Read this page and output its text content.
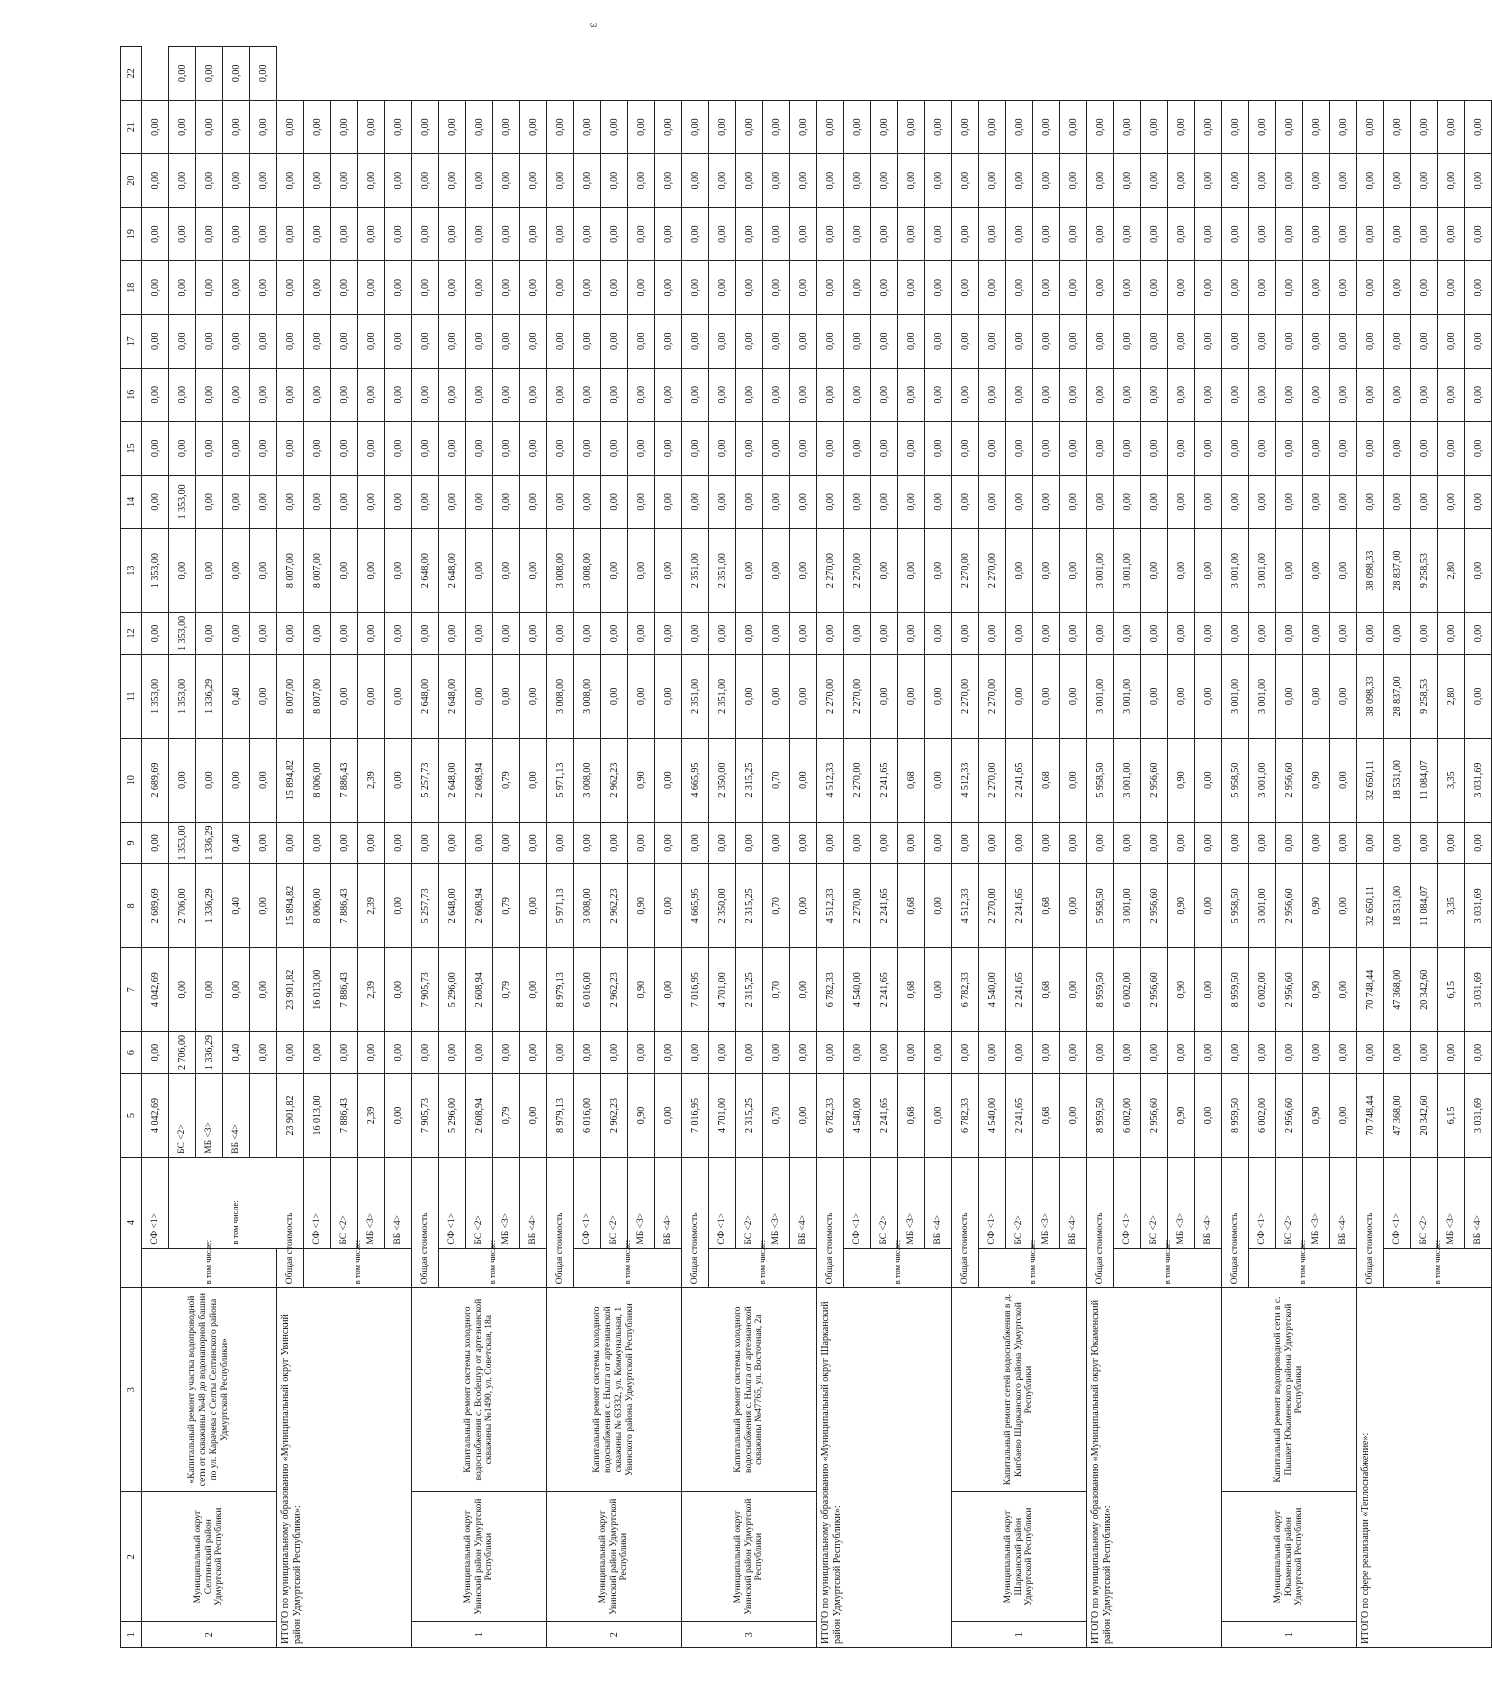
3
1	2	3	4		5	6	7	8	9	10	11	12	13	14	15	16	17	18	19	20	21	22
2	Муниципальный округ Селтинский район Удмуртской Республики	«Капитальный ремонт участка водопроводной сети от скважины №48 до водонапорной башни по ул. Карачева с Селты Селтинского района Удмуртской Республики»	в том числе:	СФ <1>	4 042,69	0,00	4 042,69	2 689,69	0,00	2 689,69	1 353,00	0,00	1 353,00	0,00	0,00	0,00	0,00	0,00	0,00	0,00	0,00	
				в том числе:	БС <2>	2 706,00	0,00	2 706,00	1 353,00	0,00	1 353,00	1 353,00	0,00	1 353,00	0,00	0,00	0,00	0,00	0,00	0,00	0,00	0,00
					МБ <3>	1 336,29	0,00	1 336,29	1 336,29	0,00	1 336,29	0,00	0,00	0,00	0,00	0,00	0,00	0,00	0,00	0,00	0,00	0,00
					ВБ <4>	0,40	0,00	0,40	0,40	0,00	0,40	0,00	0,00	0,00	0,00	0,00	0,00	0,00	0,00	0,00	0,00	0,00
						0,00	0,00	0,00	0,00	0,00	0,00	0,00	0,00	0,00	0,00	0,00	0,00	0,00	0,00	0,00	0,00	0,00
ИТОГО по муниципальному образованию «Муниципальный округ Увинский район Удмуртской Республики»:			Общая стоимость		23 901,82	0,00	23 901,82	15 894,82	0,00	15 894,82	8 007,00	0,00	8 007,00	0,00	0,00	0,00	0,00	0,00	0,00	0,00	0,00	
			в том числе:	СФ <1>	16 013,00	0,00	16 013,00	8 006,00	0,00	8 006,00	8 007,00	0,00	8 007,00	0,00	0,00	0,00	0,00	0,00	0,00	0,00	0,00	
				БС <2>	7 886,43	0,00	7 886,43	7 886,43	0,00	7 886,43	0,00	0,00	0,00	0,00	0,00	0,00	0,00	0,00	0,00	0,00	0,00	
				МБ <3>	2,39	0,00	2,39	2,39	0,00	2,39	0,00	0,00	0,00	0,00	0,00	0,00	0,00	0,00	0,00	0,00	0,00	
				ВБ <4>	0,00	0,00	0,00	0,00	0,00	0,00	0,00	0,00	0,00	0,00	0,00	0,00	0,00	0,00	0,00	0,00	0,00	
1	Муниципальный округ Увинский район Удмуртской Республики	Капитальный ремонт системы холодного водоснабжения с. Вcodeшур от артезианской скважины №1490, ул. Советская, 18а	Общая стоимость		7 905,73	0,00	7 905,73	5 257,73	0,00	5 257,73	2 648,00	0,00	2 648,00	0,00	0,00	0,00	0,00	0,00	0,00	0,00	0,00	
			в том числе:	СФ <1>	5 296,00	0,00	5 296,00	2 648,00	0,00	2 648,00	2 648,00	0,00	2 648,00	0,00	0,00	0,00	0,00	0,00	0,00	0,00	0,00	
				БС <2>	2 608,94	0,00	2 608,94	2 608,94	0,00	2 608,94	0,00	0,00	0,00	0,00	0,00	0,00	0,00	0,00	0,00	0,00	0,00	
				МБ <3>	0,79	0,00	0,79	0,79	0,00	0,79	0,00	0,00	0,00	0,00	0,00	0,00	0,00	0,00	0,00	0,00	0,00	
				ВБ <4>	0,00	0,00	0,00	0,00	0,00	0,00	0,00	0,00	0,00	0,00	0,00	0,00	0,00	0,00	0,00	0,00	0,00	
2	Муниципальный округ Увинский район Удмуртской Республики	Капитальный ремонт системы холодного водоснабжения с. Нылга от артезианской скважины № 63332, ул. Коммунальная, 1 Увинского района Удмуртской Республики	Общая стоимость		8 979,13	0,00	8 979,13	5 971,13	0,00	5 971,13	3 008,00	0,00	3 008,00	0,00	0,00	0,00	0,00	0,00	0,00	0,00	0,00	
			в том числе:	СФ <1>	6 016,00	0,00	6 016,00	3 008,00	0,00	3 008,00	3 008,00	0,00	3 008,00	0,00	0,00	0,00	0,00	0,00	0,00	0,00	0,00	
				БС <2>	2 962,23	0,00	2 962,23	2 962,23	0,00	2 962,23	0,00	0,00	0,00	0,00	0,00	0,00	0,00	0,00	0,00	0,00	0,00	
				МБ <3>	0,90	0,00	0,90	0,90	0,00	0,90	0,00	0,00	0,00	0,00	0,00	0,00	0,00	0,00	0,00	0,00	0,00	
				ВБ <4>	0,00	0,00	0,00	0,00	0,00	0,00	0,00	0,00	0,00	0,00	0,00	0,00	0,00	0,00	0,00	0,00	0,00	
3	Муниципальный округ Увинский район Удмуртской Республики	Капитальный ремонт системы холодного водоснабжения с. Нылга от артезианской скважины №47765, ул. Восточная, 2а	Общая стоимость		7 016,95	0,00	7 016,95	4 665,95	0,00	4 665,95	2 351,00	0,00	2 351,00	0,00	0,00	0,00	0,00	0,00	0,00	0,00	0,00	
			в том числе:	СФ <1>	4 701,00	0,00	4 701,00	2 350,00	0,00	2 350,00	2 351,00	0,00	2 351,00	0,00	0,00	0,00	0,00	0,00	0,00	0,00	0,00	
				БС <2>	2 315,25	0,00	2 315,25	2 315,25	0,00	2 315,25	0,00	0,00	0,00	0,00	0,00	0,00	0,00	0,00	0,00	0,00	0,00	
				МБ <3>	0,70	0,00	0,70	0,70	0,00	0,70	0,00	0,00	0,00	0,00	0,00	0,00	0,00	0,00	0,00	0,00	0,00	
				ВБ <4>	0,00	0,00	0,00	0,00	0,00	0,00	0,00	0,00	0,00	0,00	0,00	0,00	0,00	0,00	0,00	0,00	0,00	
ИТОГО по муниципальному образованию «Муниципальный округ Шарканский район Удмуртской Республики»:			Общая стоимость		6 782,33	0,00	6 782,33	4 512,33	0,00	4 512,33	2 270,00	0,00	2 270,00	0,00	0,00	0,00	0,00	0,00	0,00	0,00	0,00	
			в том числе:	СФ <1>	4 540,00	0,00	4 540,00	2 270,00	0,00	2 270,00	2 270,00	0,00	2 270,00	0,00	0,00	0,00	0,00	0,00	0,00	0,00	0,00	
				БС <2>	2 241,65	0,00	2 241,65	2 241,65	0,00	2 241,65	0,00	0,00	0,00	0,00	0,00	0,00	0,00	0,00	0,00	0,00	0,00	
				МБ <3>	0,68	0,00	0,68	0,68	0,00	0,68	0,00	0,00	0,00	0,00	0,00	0,00	0,00	0,00	0,00	0,00	0,00	
				ВБ <4>	0,00	0,00	0,00	0,00	0,00	0,00	0,00	0,00	0,00	0,00	0,00	0,00	0,00	0,00	0,00	0,00	0,00	
1	Муниципальный округ Шарканский район Удмуртской Республики	Капитальный ремонт сетей водоснабжения в д. Кигбаево Шарканского района Удмуртской Республики	Общая стоимость		6 782,33	0,00	6 782,33	4 512,33	0,00	4 512,33	2 270,00	0,00	2 270,00	0,00	0,00	0,00	0,00	0,00	0,00	0,00	0,00	
			в том числе:	СФ <1>	4 540,00	0,00	4 540,00	2 270,00	0,00	2 270,00	2 270,00	0,00	2 270,00	0,00	0,00	0,00	0,00	0,00	0,00	0,00	0,00	
				БС <2>	2 241,65	0,00	2 241,65	2 241,65	0,00	2 241,65	0,00	0,00	0,00	0,00	0,00	0,00	0,00	0,00	0,00	0,00	0,00	
				МБ <3>	0,68	0,00	0,68	0,68	0,00	0,68	0,00	0,00	0,00	0,00	0,00	0,00	0,00	0,00	0,00	0,00	0,00	
				ВБ <4>	0,00	0,00	0,00	0,00	0,00	0,00	0,00	0,00	0,00	0,00	0,00	0,00	0,00	0,00	0,00	0,00	0,00	
ИТОГО по муниципальному образованию «Муниципальный округ Юкаменский район Удмуртской Республики»:			Общая стоимость		8 959,50	0,00	8 959,50	5 958,50	0,00	5 958,50	3 001,00	0,00	3 001,00	0,00	0,00	0,00	0,00	0,00	0,00	0,00	0,00	
			в том числе:	СФ <1>	6 002,00	0,00	6 002,00	3 001,00	0,00	3 001,00	3 001,00	0,00	3 001,00	0,00	0,00	0,00	0,00	0,00	0,00	0,00	0,00	
				БС <2>	2 956,60	0,00	2 956,60	2 956,60	0,00	2 956,60	0,00	0,00	0,00	0,00	0,00	0,00	0,00	0,00	0,00	0,00	0,00	
				МБ <3>	0,90	0,00	0,90	0,90	0,00	0,90	0,00	0,00	0,00	0,00	0,00	0,00	0,00	0,00	0,00	0,00	0,00	
				ВБ <4>	0,00	0,00	0,00	0,00	0,00	0,00	0,00	0,00	0,00	0,00	0,00	0,00	0,00	0,00	0,00	0,00	0,00	
1	Муниципальный округ Юкаменский район Удмуртской Республики	Капитальный ремонт водопроводной сети в с. Пышкет Юкаменского района Удмуртской Республики	Общая стоимость		8 959,50	0,00	8 959,50	5 958,50	0,00	5 958,50	3 001,00	0,00	3 001,00	0,00	0,00	0,00	0,00	0,00	0,00	0,00	0,00	
			в том числе:	СФ <1>	6 002,00	0,00	6 002,00	3 001,00	0,00	3 001,00	3 001,00	0,00	3 001,00	0,00	0,00	0,00	0,00	0,00	0,00	0,00	0,00	
				БС <2>	2 956,60	0,00	2 956,60	2 956,60	0,00	2 956,60	0,00	0,00	0,00	0,00	0,00	0,00	0,00	0,00	0,00	0,00	0,00	
				МБ <3>	0,90	0,00	0,90	0,90	0,00	0,90	0,00	0,00	0,00	0,00	0,00	0,00	0,00	0,00	0,00	0,00	0,00	
				ВБ <4>	0,00	0,00	0,00	0,00	0,00	0,00	0,00	0,00	0,00	0,00	0,00	0,00	0,00	0,00	0,00	0,00	0,00	
ИТОГО по сфере реализации «Теплоснабжение»:			Общая стоимость		70 748,44	0,00	70 748,44	32 650,11	0,00	32 650,11	38 098,33	0,00	38 098,33	0,00	0,00	0,00	0,00	0,00	0,00	0,00	0,00	
			в том числе:	СФ <1>	47 368,00	0,00	47 368,00	18 531,00	0,00	18 531,00	28 837,00	0,00	28 837,00	0,00	0,00	0,00	0,00	0,00	0,00	0,00	0,00	
				БС <2>	20 342,60	0,00	20 342,60	11 084,07	0,00	11 084,07	9 258,53	0,00	9 258,53	0,00	0,00	0,00	0,00	0,00	0,00	0,00	0,00	
				МБ <3>	6,15	0,00	6,15	3,35	0,00	3,35	2,80	0,00	2,80	0,00	0,00	0,00	0,00	0,00	0,00	0,00	0,00	
				ВБ <4>	3 031,69	0,00	3 031,69	3 031,69	0,00	3 031,69	0,00	0,00	0,00	0,00	0,00	0,00	0,00	0,00	0,00	0,00	0,00	
